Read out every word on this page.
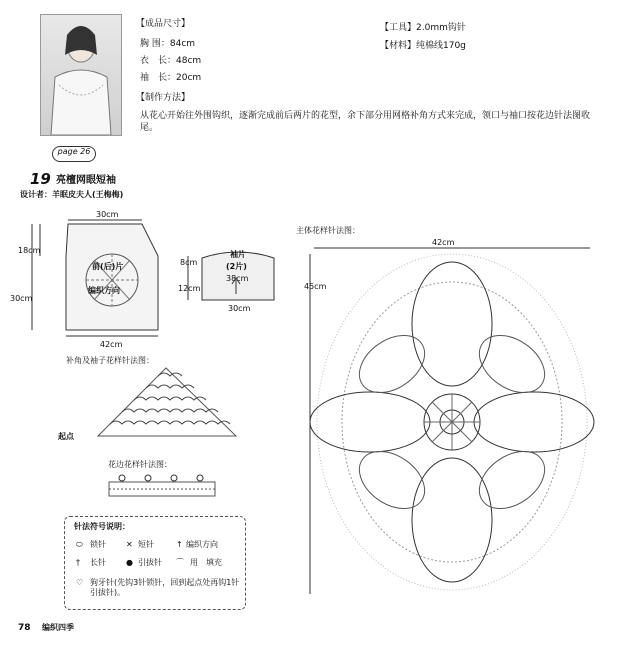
page 26
19 亮檀网眼短袖
设计者：羊眠皮夫人(王梅梅)
【成品尺寸】
胸 围：84cm
衣　长：48cm
袖　长：20cm
【制作方法】
从花心开始往外围钩织，逐渐完成前后两片的花型，余下部分用网格补角方式来完成，领口与袖口按花边针法图收尾。
【工具】2.0mm钩针
【材料】纯棉线170g
30cm
18cm
30cm
42cm
前(后)片
编织方向
袖片
(2片)
38cm
8cm
12cm
30cm
补角及袖子花样针法图：
起点
花边花样针法图：
主体花样针法图：
42cm
45cm
针法符号说明：
⬭ 锁针	✕ 短针	↑ 编织方向
† 长针	● 引拔针 ⌒ 用　填充
♡ 狗牙针(先钩3针锁针，回到起点处再钩1针引拔针)。
78 编织四季
